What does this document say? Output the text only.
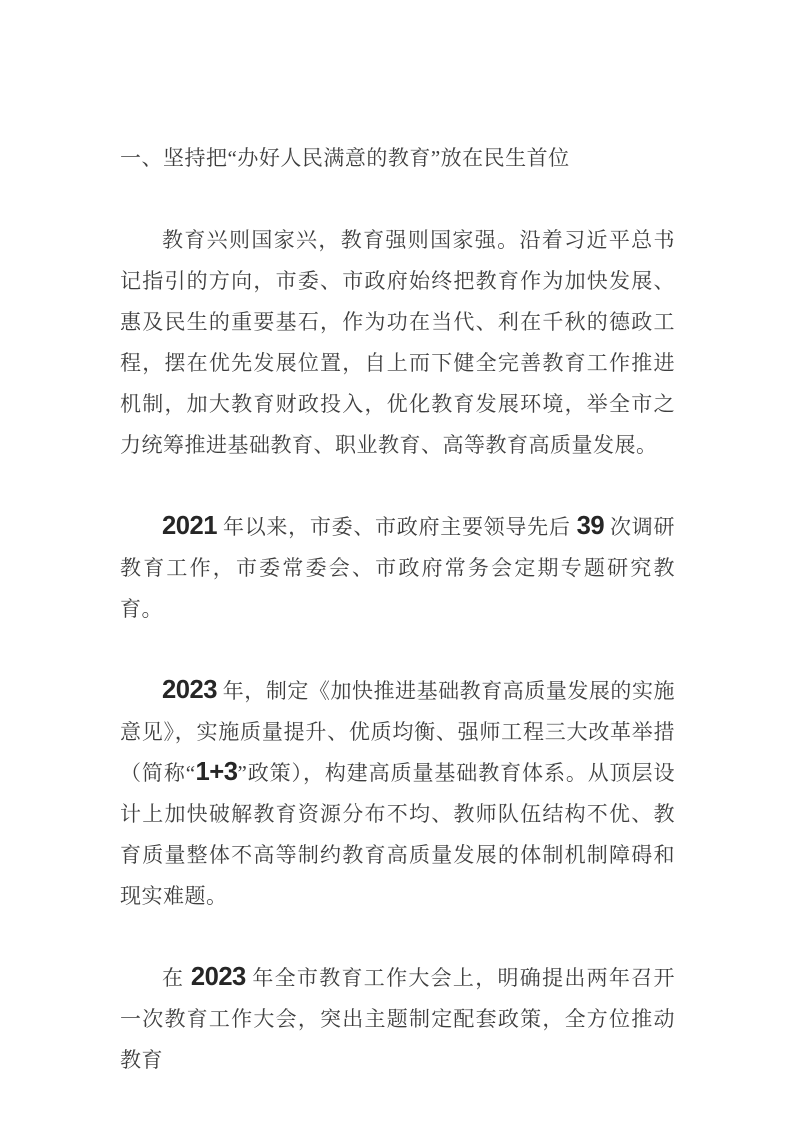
一、坚持把“办好人民满意的教育”放在民生首位

教育兴则国家兴，教育强则国家强。沿着习近平总书记指引的方向，市委、市政府始终把教育作为加快发展、惠及民生的重要基石，作为功在当代、利在千秋的德政工程，摆在优先发展位置，自上而下健全完善教育工作推进机制，加大教育财政投入，优化教育发展环境，举全市之力统筹推进基础教育、职业教育、高等教育高质量发展。

2021 年以来，市委、市政府主要领导先后 39 次调研教育工作，市委常委会、市政府常务会定期专题研究教育。

2023 年，制定《加快推进基础教育高质量发展的实施意见》，实施质量提升、优质均衡、强师工程三大改革举措（简称“1+3”政策），构建高质量基础教育体系。从顶层设计上加快破解教育资源分布不均、教师队伍结构不优、教育质量整体不高等制约教育高质量发展的体制机制障碍和现实难题。

在 2023 年全市教育工作大会上，明确提出两年召开一次教育工作大会，突出主题制定配套政策，全方位推动教育
